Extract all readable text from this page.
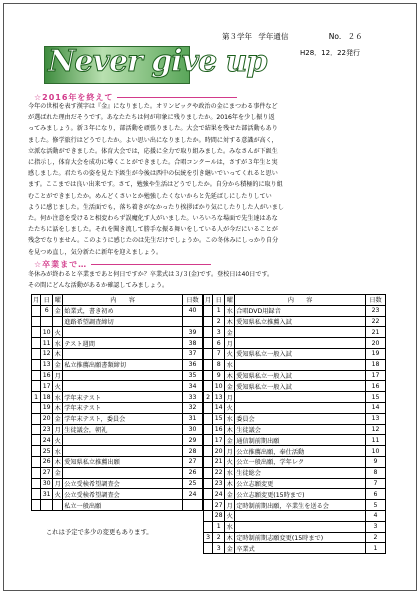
Never give up
第３学年 学年通信	No. ２６
H28．12．22発行
☆2016年を終えて
今年の世相を表す漢字は『金』になりました。オリンピックや政治の金にまつわる事件など
が選ばれた理由だそうです。あなたたちは何が印象に残りましたか。2016年を少し振り返
ってみましょう。新３年になり，部活動を頑張りました。大会で結果を残せた部活動もあり
ました。修学旅行はどうでしたか。よい思い出になりましたか。時間に対する意識が高く，
立派な活動ができました。体育大会では，応援に全力で取り組みました。みなさんが下級生
に指示し，体育大会を成功に導くことができました。合唱コンクールは，さすが３年生と実
感しました。君たちの姿を見た下級生が今後は西中の伝統を引き継いでいってくれると思い
ます。ここまでは良い出来です。さて，勉強や生活はどうでしたか。自分から積極的に取り組
むことができましたか。めんどくさいとか勉強したくないからと先延ばしにしたりしてい
ように感じました。生活面でも，落ち着きがなかったり挨拶ばかり気にしたりした人がいまし
た。何か注意を受けると相変わらず誤魔化す人がいました。いろいろな場面で先生達はあな
たたちに話をしました。それを聞き流して勝手な振る舞いをしている人が今だにいることが
残念でなりません。このように感じたのは先生だけでしょうか。この冬休みにしっかり自分
を見つめ直し，気分新たに新年を迎えましょう。
☆卒業まで…
冬休みが終わると卒業まであと何日ですか？卒業式は３/３(金)です。登校日は40日です。
その間にどんな活動があるか確認してみましょう。
月	日	曜	内　　容	日数
	6	金	始業式，書き初め	40
			進路希望調査締切	
	10	火		39
	11	水	テスト週間	38
	12	木		37
	13	金	私立推薦出願書類締切	36
	16	月		35
	17	火		34
1	18	水	学年末テスト	33
	19	木	学年末テスト	32
	20	金	学年末テスト，委員会	31
	23	月	生徒議会，朝礼	30
	24	火		29
	25	水		28
	26	木	愛知県私立推薦出願	27
	27	金		26
	30	月	公立受検希望調査会	25
	31	火	公立受検希望調査会	24
			私立一般出願	
月	日	曜	内　　容	日数
	1	水	合唱DVD用録音	23
	2	木	愛知県私立推薦入試	22
	3	金		21
	6	月		20
	7	火	愛知県私立一般入試	19
	8	水		18
	9	木	愛知県私立一般入試	17
	10	金	愛知県私立一般入試	16
2	13	月		15
	14	火		14
	15	水	委員会	13
	16	木	生徒議会	12
	17	金	通信制前期出願	11
	20	月	公立推薦出願，奉仕活動	10
	21	火	公立一般出願，学年レク	9
	22	水	生徒総会	8
	23	木	公立志願変更	7
	24	金	公立志願変更(15時まで)	6
	27	月	定時制前期出願，卒業生を送る会	5
	28	火		4
	1	水		3
3	2	木	定時制前期志願変更(15時まで)	2
	3	金	卒業式	1
これは予定で多少の変更もあります。
